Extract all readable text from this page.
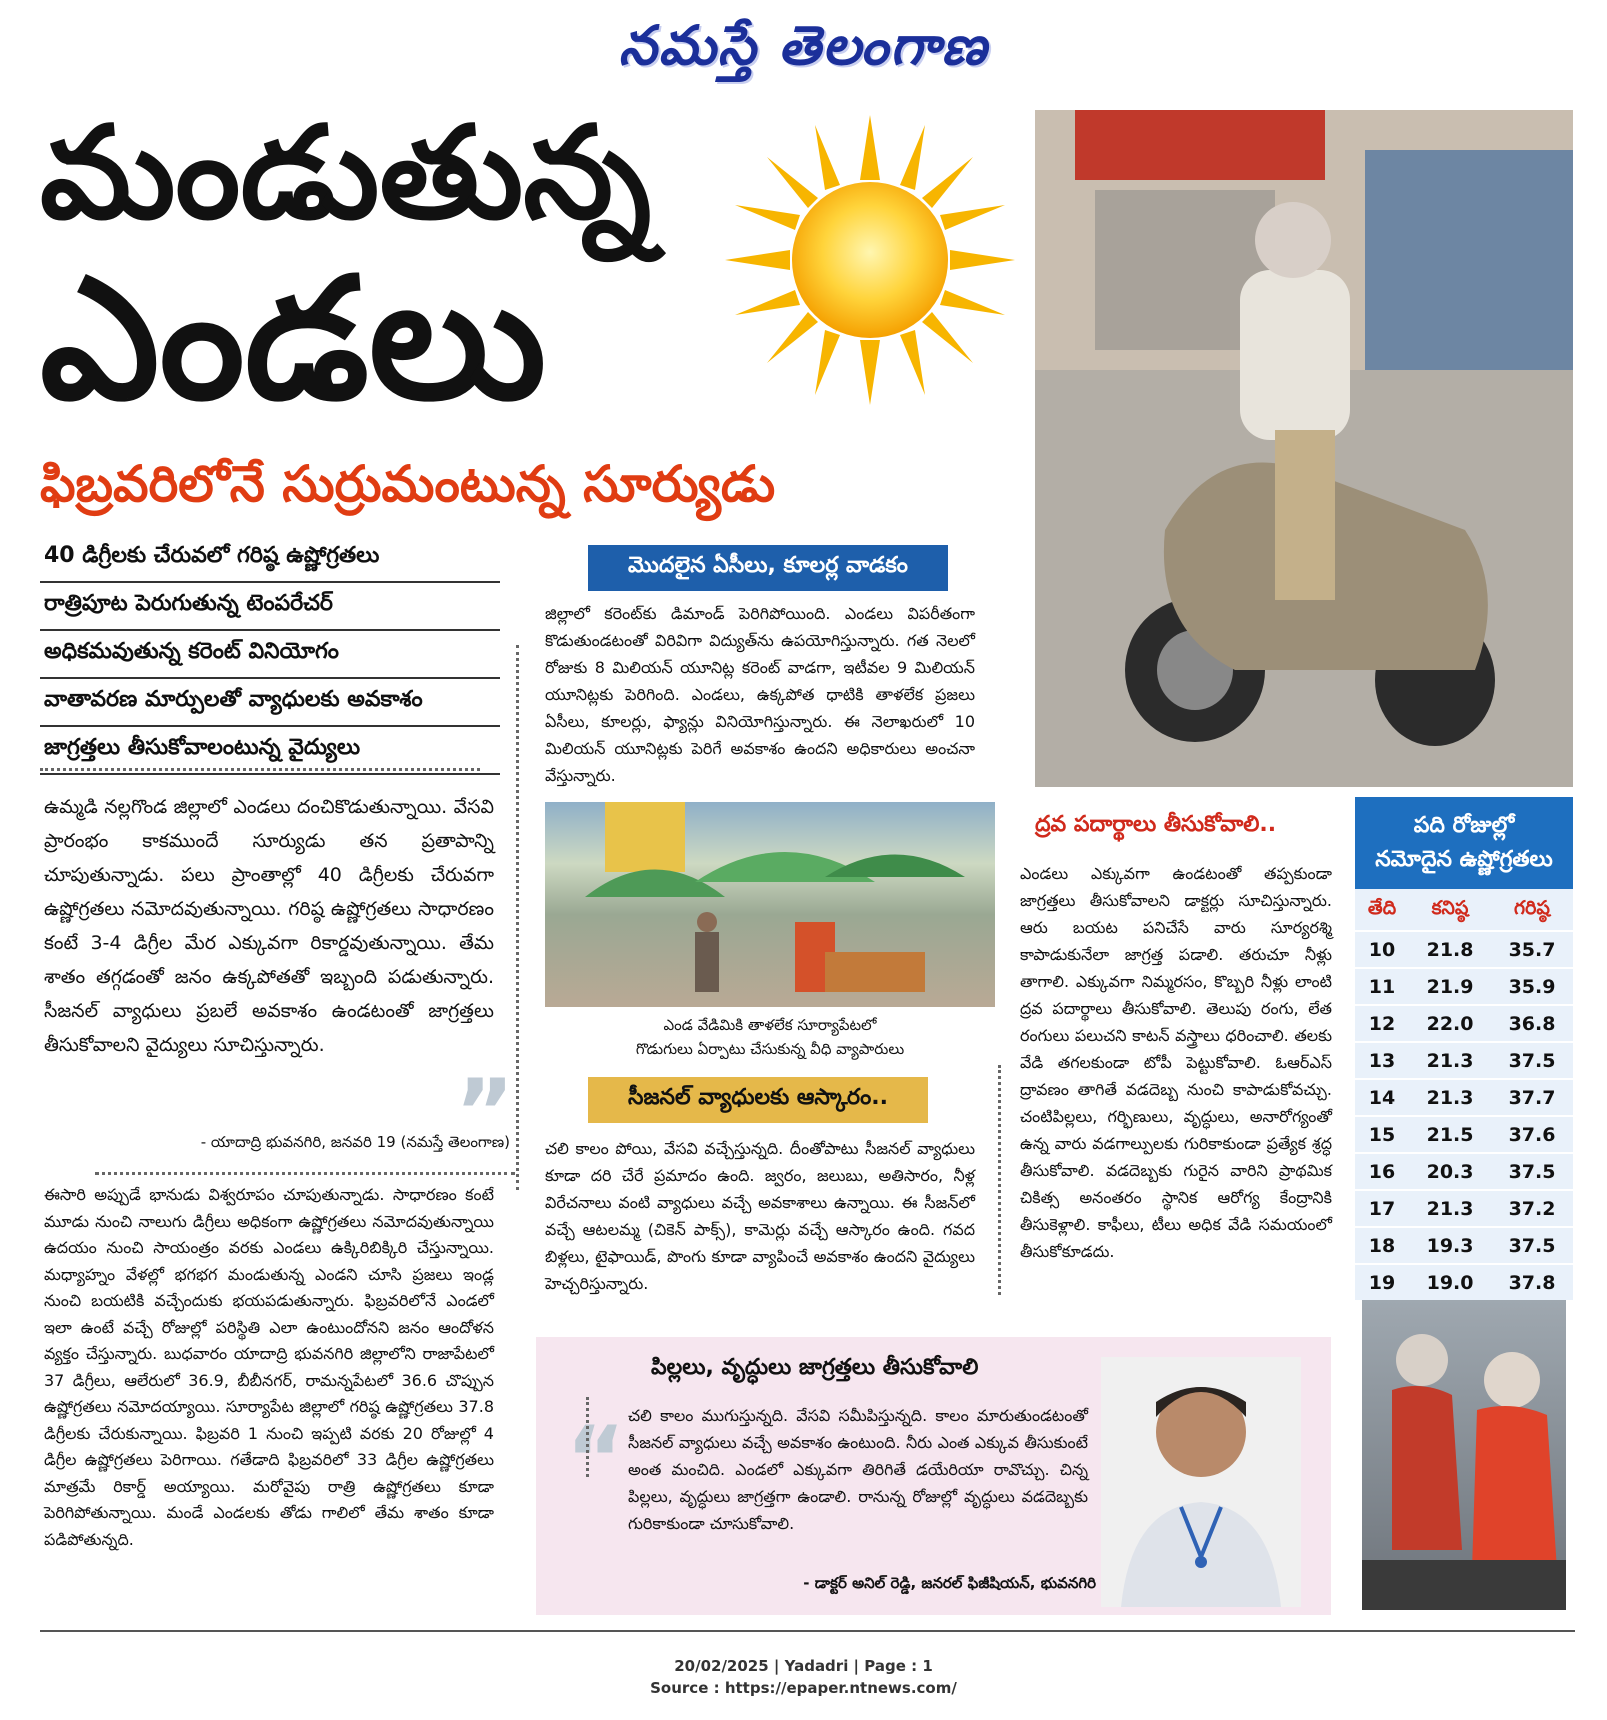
నమస్తే తెలంగాణ
మండుతున్న
ఎండలు
ఫిబ్రవరిలోనే సుర్రుమంటున్న సూర్యుడు
40 డిగ్రీలకు చేరువలో గరిష్ఠ ఉష్ణోగ్రతలు
రాత్రిపూట పెరుగుతున్న టెంపరేచర్
అధికమవుతున్న కరెంట్ వినియోగం
వాతావరణ మార్పులతో వ్యాధులకు అవకాశం
జాగ్రత్తలు తీసుకోవాలంటున్న వైద్యులు
ఉమ్మడి నల్లగొండ జిల్లాలో ఎండలు దంచికొడుతున్నాయి. వేసవి ప్రారంభం కాకముందే సూర్యుడు తన ప్రతాపాన్ని చూపుతున్నాడు. పలు ప్రాంతాల్లో 40 డిగ్రీలకు చేరువగా ఉష్ణోగ్రతలు నమోదవుతున్నాయి. గరిష్ఠ ఉష్ణోగ్రతలు సాధారణం కంటే 3-4 డిగ్రీల మేర ఎక్కువగా రికార్డవుతున్నాయి. తేమ శాతం తగ్గడంతో జనం ఉక్కపోతతో ఇబ్బంది పడుతున్నారు. సీజనల్ వ్యాధులు ప్రబలే అవకాశం ఉండటంతో జాగ్రత్తలు తీసుకోవాలని వైద్యులు సూచిస్తున్నారు.
- యాదాద్రి భువనగిరి, జనవరి 19 (నమస్తే తెలంగాణ)
”
ఈసారి అప్పుడే భానుడు విశ్వరూపం చూపుతున్నాడు. సాధారణం కంటే మూడు నుంచి నాలుగు డిగ్రీలు అధికంగా ఉష్ణోగ్రతలు నమోదవుతున్నాయి ఉదయం నుంచి సాయంత్రం వరకు ఎండలు ఉక్కిరిబిక్కిరి చేస్తున్నాయి. మధ్యాహ్నం వేళల్లో భగభగ మండుతున్న ఎండని చూసి ప్రజలు ఇండ్ల నుంచి బయటికి వచ్చేందుకు భయపడుతున్నారు. ఫిబ్రవరిలోనే ఎండలో ఇలా ఉంటే వచ్చే రోజుల్లో పరిస్థితి ఎలా ఉంటుందోనని జనం ఆందోళన వ్యక్తం చేస్తున్నారు. బుధవారం యాదాద్రి భువనగిరి జిల్లాలోని రాజాపేటలో 37 డిగ్రీలు, ఆలేరులో 36.9, బీబీనగర్, రామన్నపేటలో 36.6 చొప్పున ఉష్ణోగ్రతలు నమోదయ్యాయి. సూర్యాపేట జిల్లాలో గరిష్ఠ ఉష్ణోగ్రతలు 37.8 డిగ్రీలకు చేరుకున్నాయి. ఫిబ్రవరి 1 నుంచి ఇప్పటి వరకు 20 రోజుల్లో 4 డిగ్రీల ఉష్ణోగ్రతలు పెరిగాయి. గతేడాది ఫిబ్రవరిలో 33 డిగ్రీల ఉష్ణోగ్రతలు మాత్రమే రికార్డ్ అయ్యాయి. మరోవైపు రాత్రి ఉష్ణోగ్రతలు కూడా పెరిగిపోతున్నాయి. మండే ఎండలకు తోడు గాలిలో తేమ శాతం కూడా పడిపోతున్నది.
మొదలైన ఏసీలు, కూలర్ల వాడకం
జిల్లాలో కరెంట్‌కు డిమాండ్ పెరిగిపోయింది. ఎండలు విపరీతంగా కొడుతుండటంతో విరివిగా విద్యుత్‌ను ఉపయోగిస్తున్నారు. గత నెలలో రోజుకు 8 మిలియన్ యూనిట్ల కరెంట్ వాడగా, ఇటీవల 9 మిలియన్ యూనిట్లకు పెరిగింది. ఎండలు, ఉక్కపోత ధాటికి తాళలేక ప్రజలు ఏసీలు, కూలర్లు, ఫ్యాన్లు వినియోగిస్తున్నారు. ఈ నెలాఖరులో 10 మిలియన్ యూనిట్లకు పెరిగే అవకాశం ఉందని అధికారులు అంచనా వేస్తున్నారు.
ఎండ వేడిమికి తాళలేక సూర్యాపేటలో
గొడుగులు ఏర్పాటు చేసుకున్న వీధి వ్యాపారులు
సీజనల్ వ్యాధులకు ఆస్కారం..
చలి కాలం పోయి, వేసవి వచ్చేస్తున్నది. దీంతోపాటు సీజనల్ వ్యాధులు కూడా దరి చేరే ప్రమాదం ఉంది. జ్వరం, జలుబు, అతిసారం, నీళ్ల విరేచనాలు వంటి వ్యాధులు వచ్చే అవకాశాలు ఉన్నాయి. ఈ సీజన్‌లో వచ్చే ఆటలమ్మ (చికెన్ పాక్స్), కామెర్లు వచ్చే ఆస్కారం ఉంది. గవద బిళ్లలు, టైఫాయిడ్, పొంగు కూడా వ్యాపించే అవకాశం ఉందని వైద్యులు హెచ్చరిస్తున్నారు.
ద్రవ పదార్థాలు తీసుకోవాలి..
ఎండలు ఎక్కువగా ఉండటంతో తప్పకుండా జాగ్రత్తలు తీసుకోవాలని డాక్టర్లు సూచిస్తున్నారు. ఆరు బయట పనిచేసే వారు సూర్యరశ్మి కాపాడుకునేలా జాగ్రత్త పడాలి. తరుచూ నీళ్లు తాగాలి. ఎక్కువగా నిమ్మరసం, కొబ్బరి నీళ్లు లాంటి ద్రవ పదార్థాలు తీసుకోవాలి. తెలుపు రంగు, లేత రంగులు పలుచని కాటన్ వస్త్రాలు ధరించాలి. తలకు వేడి తగలకుండా టోపీ పెట్టుకోవాలి. ఓఆర్ఎస్ ద్రావణం తాగితే వడదెబ్బ నుంచి కాపాడుకోవచ్చు. చంటిపిల్లలు, గర్భిణులు, వృద్ధులు, అనారోగ్యంతో ఉన్న వారు వడగాల్పులకు గురికాకుండా ప్రత్యేక శ్రద్ధ తీసుకోవాలి. వడదెబ్బకు గురైన వారిని ప్రాథమిక చికిత్స అనంతరం స్థానిక ఆరోగ్య కేంద్రానికి తీసుకెళ్లాలి. కాఫీలు, టీలు అధిక వేడి సమయంలో తీసుకోకూడదు.
పది రోజుల్లో
నమోదైన ఉష్ణోగ్రతలు
తేది	కనిష్ఠ	గరిష్ఠ
10	21.8	35.7
11	21.9	35.9
12	22.0	36.8
13	21.3	37.5
14	21.3	37.7
15	21.5	37.6
16	20.3	37.5
17	21.3	37.2
18	19.3	37.5
19	19.0	37.8
పిల్లలు, వృద్ధులు జాగ్రత్తలు తీసుకోవాలి
“ చలి కాలం ముగుస్తున్నది. వేసవి సమీపిస్తున్నది. కాలం మారుతుండటంతో సీజనల్ వ్యాధులు వచ్చే అవకాశం ఉంటుంది. నీరు ఎంత ఎక్కువ తీసుకుంటే అంత మంచిది. ఎండలో ఎక్కువగా తిరిగితే డయేరియా రావొచ్చు. చిన్న పిల్లలు, వృద్ధులు జాగ్రత్తగా ఉండాలి. రానున్న రోజుల్లో వృద్ధులు వడదెబ్బకు గురికాకుండా చూసుకోవాలి.
- డాక్టర్ అనిల్ రెడ్డి, జనరల్ ఫిజీషియన్, భువనగిరి
20/02/2025 | Yadadri | Page : 1
Source : https://epaper.ntnews.com/
